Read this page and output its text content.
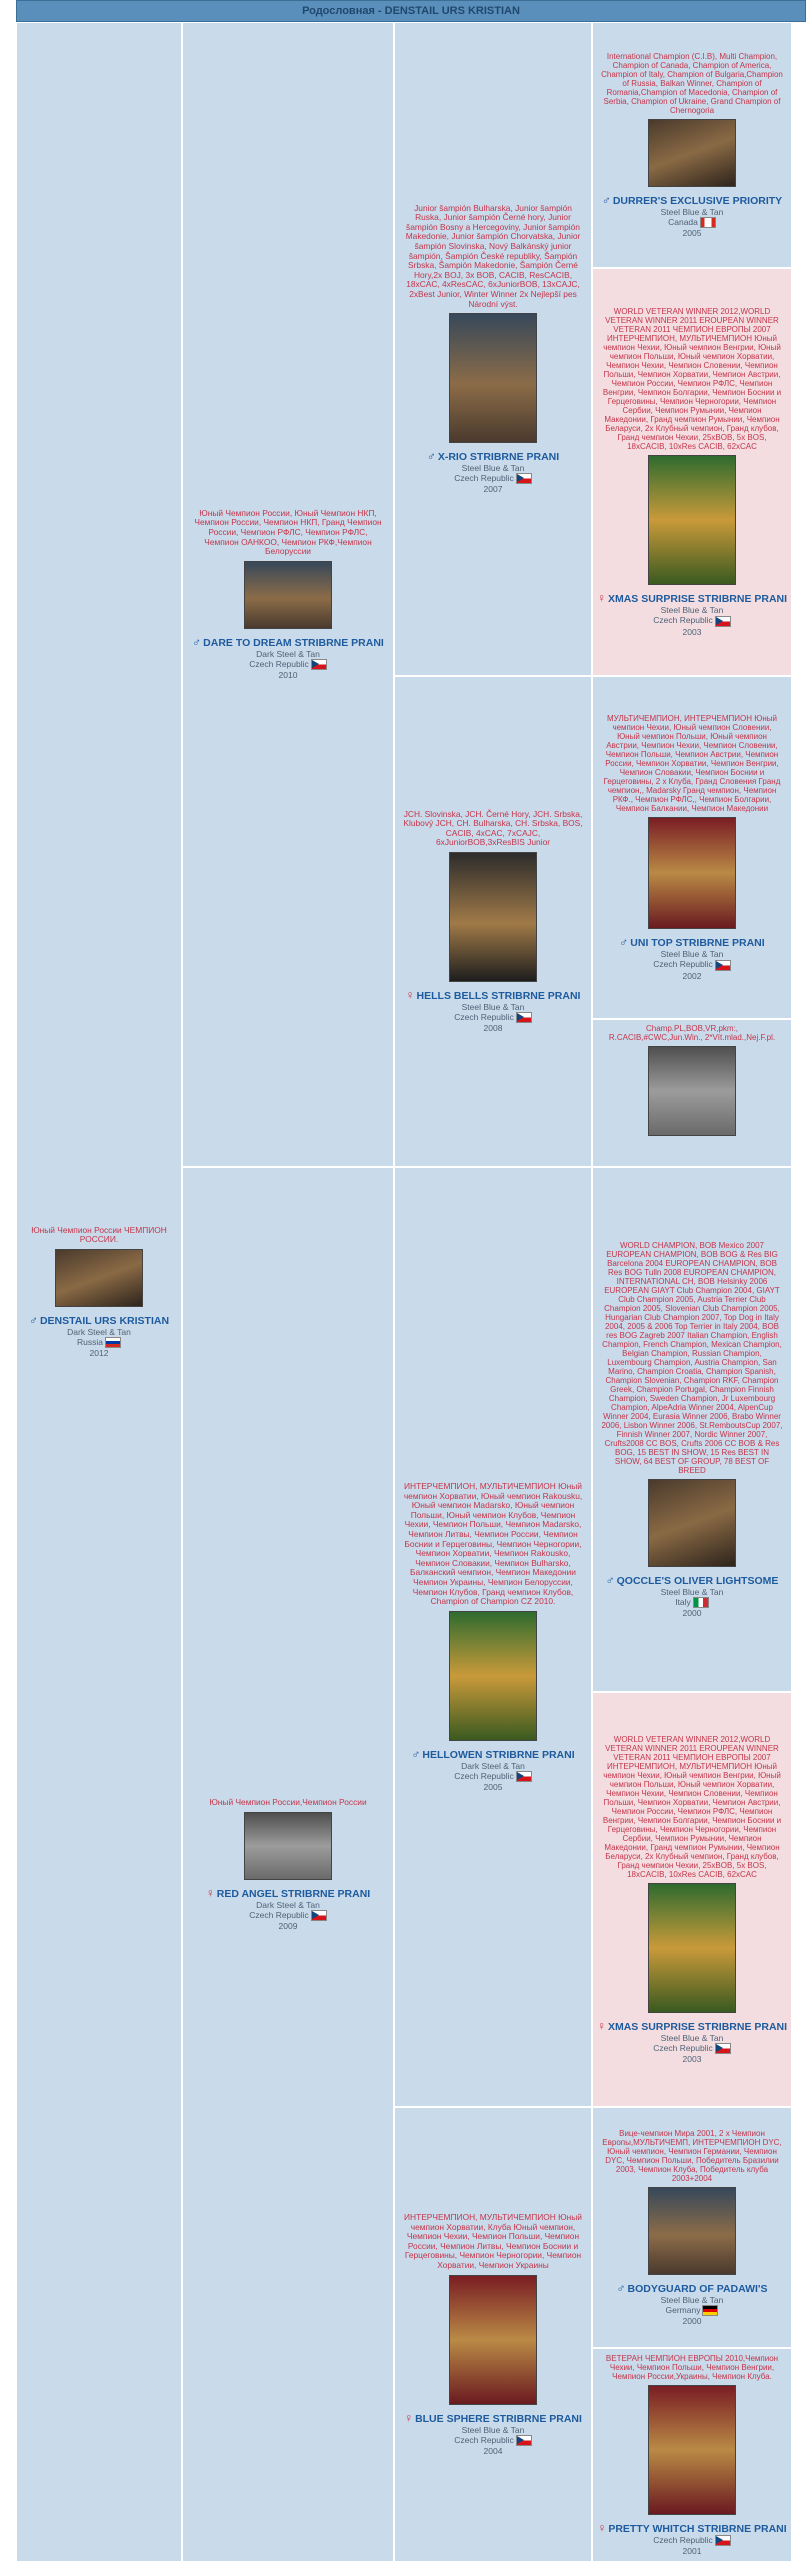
Родословная - DENSTAIL URS KRISTIAN
Юный Чемпион России ЧЕМПИОН РОССИИ.
♂ DENSTAIL URS KRISTIAN
Dark Steel & Tan
Russia
2012
Юный Чемпион России, Юный Чемпион НКП, Чемпион России, Чемпион НКП, Гранд Чемпион России, Чемпион РФЛС, Чемпион РФЛС, Чемпион ОАНКОО, Чемпион РКФ,Чемпион Белоруссии
♂ DARE TO DREAM STRIBRNE PRANI
Dark Steel & Tan
Czech Republic
2010
Юный Чемпион России,Чемпион России
♀ RED ANGEL STRIBRNE PRANI
Dark Steel & Tan
Czech Republic
2009
Junior šampión Bulharska, Junior šampión Ruska, Junior šampión Černé hory, Junior šampión Bosny a Hercegoviny, Junior šampión Makedonie, Junior šampión Chorvatska, Junior šampión Slovinska, Nový Balkánský junior šampión, Šampión České republiky, Šampión Srbska, Šampión Makedonie, Šampión Černé Hory,2x BOJ, 3x BOB, CACIB, ResCACIB, 18xCAC, 4xResCAC, 6xJuniorBOB, 13xCAJC, 2xBest Junior, Winter Winner 2x Nejlepší pes Národní výst.
♂ X-RIO STRIBRNE PRANI
Steel Blue & Tan
Czech Republic
2007
JCH. Slovinska, JCH. Černé Hory, JCH. Srbska, Klubový JCH, CH. Bulharska, CH. Srbska, BOS, CACIB, 4xCAC, 7xCAJC, 6xJuniorBOB,3xResBIS Junior
♀ HELLS BELLS STRIBRNE PRANI
Steel Blue & Tan
Czech Republic
2008
ИНТЕРЧЕМПИОН, МУЛЬТИЧЕМПИОН Юный чемпион Хорватии, Юный чемпион Rakousku, Юный чемпион Madarsko, Юный чемпион Польши, Юный чемпион Клубов, Чемпион Чехии, Чемпион Польши, Чемпион Madarsko, Чемпион Литвы, Чемпион России, Чемпион Боснии и Герцеговины, Чемпион Черногории, Чемпион Хорватии, Чемпион Rakousko, Чемпион Словакии, Чемпион Bulharsko, Балканский чемпион, Чемпион Македонии Чемпион Украины, Чемпион Белоруссии, Чемпион Клубов, Гранд чемпион Клубов, Champion of Champion CZ 2010.
♂ HELLOWEN STRIBRNE PRANI
Dark Steel & Tan
Czech Republic
2005
ИНТЕРЧЕМПИОН, МУЛЬТИЧЕМПИОН Юный чемпион Хорватии, Клуба Юный чемпион, Чемпион Чехии, Чемпион Польши, Чемпион России, Чемпион Литвы, Чемпион Боснии и Герцеговины, Чемпион Черногории, Чемпион Хорватии, Чемпион Украины
♀ BLUE SPHERE STRIBRNE PRANI
Steel Blue & Tan
Czech Republic
2004
International Champion (C.I.B), Multi Champion, Champion of Canada, Champion of America, Champion of Italy, Champion of Bulgaria,Champion of Russia, Balkan Winner, Champion of Romania,Champion of Macedonia, Champion of Serbia, Champion of Ukraine, Grand Champion of Chernogoria
♂ DURRER'S EXCLUSIVE PRIORITY
Steel Blue & Tan
Canada
2005
WORLD VETERAN WINNER 2012,WORLD VETERAN WINNER 2011 EROUPEAN WINNER VETERAN 2011 ЧЕМПИОН ЕВРОПЫ 2007 ИНТЕРЧЕМПИОН, МУЛЬТИЧЕМПИОН Юный чемпион Чехии, Юный чемпион Венгрии, Юный чемпион Польши, Юный чемпион Хорватии, Чемпион Чехии, Чемпион Словении, Чемпион Польши, Чемпион Хорватии, Чемпион Австрии, Чемпион России, Чемпион РФЛС, Чемпион Венгрии, Чемпион Болгарии, Чемпион Боснии и Герцеговины, Чемпион Черногории, Чемпион Сербии, Чемпион Румынии, Чемпион Македонии, Гранд чемпион Румынии, Чемпион Беларуси, 2x Клубный чемпион, Гранд клубов, Гранд чемпион Чехии, 25xBOB, 5x BOS, 18xCACIB, 10xRes CACIB, 62xCAC
♀ XMAS SURPRISE STRIBRNE PRANI
Steel Blue & Tan
Czech Republic
2003
МУЛЬТИЧЕМПИОН, ИНТЕРЧЕМПИОН Юный чемпион Чехии, Юный чемпион Словении, Юный чемпион Польши, Юный чемпион Австрии, Чемпион Чехии, Чемпион Словении, Чемпион Польши, Чемпион Австрии, Чемпион России, Чемпион Хорватии, Чемпион Венгрии, Чемпион Словакии, Чемпион Боснии и Герцеговины, 2 x Клуба, Гранд Словения Гранд чемпион,, Madarsky Гранд чемпион, Чемпион РКФ., Чемпион РФЛС,, Чемпион Болгарии, Чемпион Балкании, Чемпион Македонии
♂ UNI TOP STRIBRNE PRANI
Steel Blue & Tan
Czech Republic
2002
Champ.PL,BOB,VR,pkm:, R.CACIB,#CWC,Jun.Win., 2*Vít.mlad.,Nej.F.pl.
WORLD CHAMPION, BOB Mexico 2007 EUROPEAN CHAMPION, BOB BOG & Res BIG Barcelona 2004 EUROPEAN CHAMPION, BOB Res BOG Tulln 2008 EUROPEAN CHAMPION, INTERNATIONAL CH, BOB Helsinky 2006 EUROPEAN GIAYT Club Champion 2004, GIAYT Club Champion 2005, Austria Terrier Club Champion 2005, Slovenian Club Champion 2005, Hungarian Club Champion 2007, Top Dog in Italy 2004, 2005 & 2006 Top Terrier in Italy 2004, BOB res BOG Zagreb 2007 Italian Champion, English Champion, French Champion, Mexican Champion, Belgian Champion, Russian Champion, Luxembourg Champion, Austria Champion, San Marino, Champion Croatia, Champion Spanish, Champion Slovenian, Champion RKF, Champion Greek, Champion Portugal, Champion Finnish Champion, Sweden Champion, Jr Luxembourg Champion, AlpeAdria Winner 2004, AlpenCup Winner 2004, Eurasia Winner 2006, Brabo Winner 2006, Lisbon Winner 2006, St.RemboutsCup 2007, Finnish Winner 2007, Nordic Winner 2007, Crufts2008 CC BOS, Crufts 2006 CC BOB & Res BOG, 15 BEST IN SHOW, 15 Res BEST IN SHOW, 64 BEST OF GROUP, 78 BEST OF BREED
♂ QOCCLE'S OLIVER LIGHTSOME
Steel Blue & Tan
Italy
2000
WORLD VETERAN WINNER 2012,WORLD VETERAN WINNER 2011 EROUPEAN WINNER VETERAN 2011 ЧЕМПИОН ЕВРОПЫ 2007 ИНТЕРЧЕМПИОН, МУЛЬТИЧЕМПИОН Юный чемпион Чехии, Юный чемпион Венгрии, Юный чемпион Польши, Юный чемпион Хорватии, Чемпион Чехии, Чемпион Словении, Чемпион Польши, Чемпион Хорватии, Чемпион Австрии, Чемпион России, Чемпион РФЛС, Чемпион Венгрии, Чемпион Болгарии, Чемпион Боснии и Герцеговины, Чемпион Черногории, Чемпион Сербии, Чемпион Румынии, Чемпион Македонии, Гранд чемпион Румынии, Чемпион Беларуси, 2x Клубный чемпион, Гранд клубов, Гранд чемпион Чехии, 25xBOB, 5x BOS, 18xCACIB, 10xRes CACIB, 62xCAC
♀ XMAS SURPRISE STRIBRNE PRANI
Steel Blue & Tan
Czech Republic
2003
Вице-чемпион Мира 2001, 2 x Чемпион Европы,МУЛЬТИЧЕМП, ИНТЕРЧЕМПИОН DYC, Юный чемпион, Чемпион Германии, Чемпион DYC, Чемпион Польши, Победитель Бразилии 2003, Чемпион Клуба, Победитель клуба 2003+2004
♂ BODYGUARD OF PADAWI'S
Steel Blue & Tan
Germany
2000
ВЕТЕРАН ЧЕМПИОН ЕВРОПЫ 2010,Чемпион Чехии, Чемпион Польши, Чемпион Венгрии, Чемпион России,Украины, Чемпион Клуба.
♀ PRETTY WHITCH STRIBRNE PRANI
Czech Republic
2001
